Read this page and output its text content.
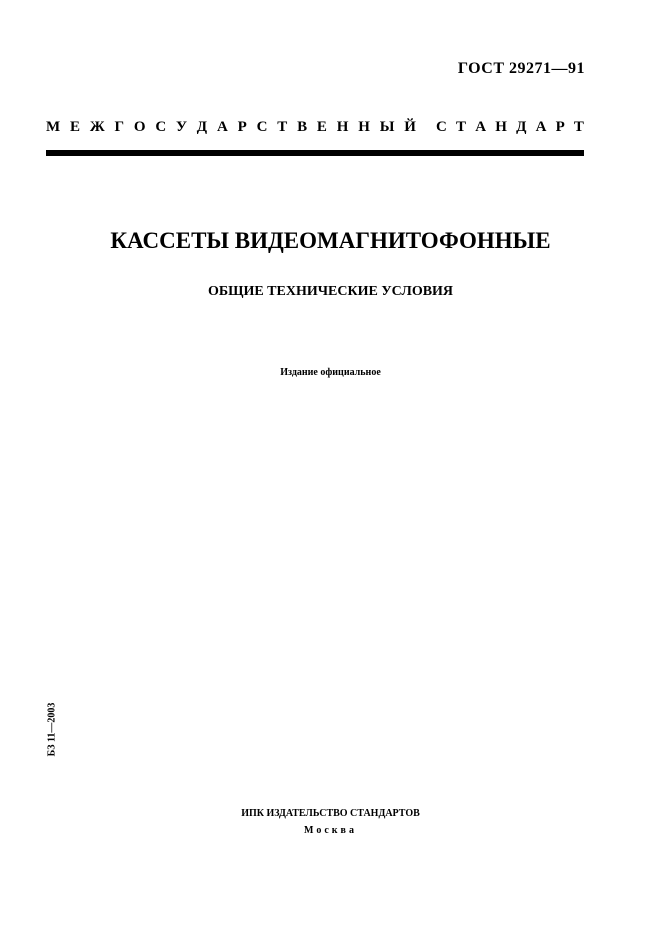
ГОСТ 29271—91
М Е Ж Г О С У Д А Р С Т В Е Н Н Ы Й С Т А Н Д А Р Т
КАССЕТЫ ВИДЕОМАГНИТОФОННЫЕ
ОБЩИЕ ТЕХНИЧЕСКИЕ УСЛОВИЯ
Издание официальное
БЗ 11—2003
ИПК ИЗДАТЕЛЬСТВО СТАНДАРТОВ
Москва
